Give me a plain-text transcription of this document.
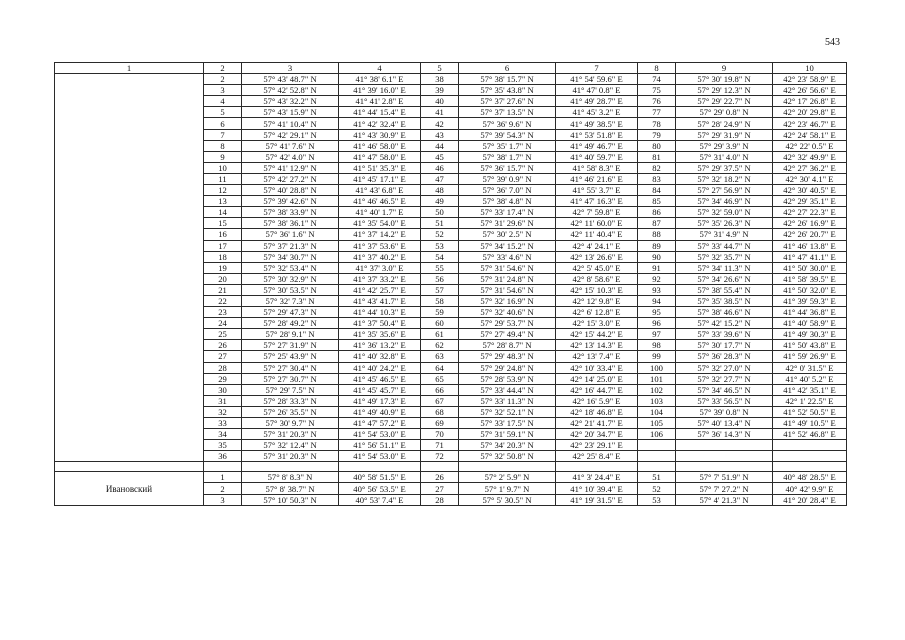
543
1	2	3	4	5	6	7	8	9	10
	2	57° 43' 48.7" N	41° 38' 6.1" E	38	57° 38' 15.7" N	41° 54' 59.6" E	74	57° 30' 19.8" N	42° 23' 58.9" E
	3	57° 42' 52.8" N	41° 39' 16.0" E	39	57° 35' 43.8" N	41° 47' 0.8" E	75	57° 29' 12.3" N	42° 26' 56.6" E
	4	57° 43' 32.2" N	41° 41' 2.8" E	40	57° 37' 27.6" N	41° 49' 28.7" E	76	57° 29' 22.7" N	42° 17' 26.8" E
	5	57° 43' 15.9" N	41° 44' 15.4" E	41	57° 37' 13.5" N	41° 45' 3.2" E	77	57° 29' 0.8" N	42° 20' 29.8" E
	6	57° 41' 10.4" N	41° 42' 32.4" E	42	57° 36' 9.6" N	41° 49' 38.5" E	78	57° 28' 24.9" N	42° 23' 46.7" E
	7	57° 42' 29.1" N	41° 43' 30.9" E	43	57° 39' 54.3" N	41° 53' 51.8" E	79	57° 29' 31.9" N	42° 24' 58.1" E
	8	57° 41' 7.6" N	41° 46' 58.0" E	44	57° 35' 1.7" N	41° 49' 46.7" E	80	57° 29' 3.9" N	42° 22' 0.5" E
	9	57° 42' 4.0" N	41° 47' 58.0" E	45	57° 38' 1.7" N	41° 40' 59.7" E	81	57° 31' 4.0" N	42° 32' 49.9" E
	10	57° 41' 12.9" N	41° 51' 35.3" E	46	57° 36' 15.7" N	41° 58' 8.3" E	82	57° 29' 37.5" N	42° 27' 36.2" E
	11	57° 42' 27.2" N	41° 45' 17.1" E	47	57° 39' 0.9" N	41° 46' 21.6" E	83	57° 32' 18.2" N	42° 30' 4.1" E
	12	57° 40' 28.8" N	41° 43' 6.8" E	48	57° 36' 7.0" N	41° 55' 3.7" E	84	57° 27' 56.9" N	42° 30' 40.5" E
	13	57° 39' 42.6" N	41° 46' 46.5" E	49	57° 38' 4.8" N	41° 47' 16.3" E	85	57° 34' 46.9" N	42° 29' 35.1" E
	14	57° 38' 33.9" N	41° 40' 1.7" E	50	57° 33' 17.4" N	42° 7' 59.8" E	86	57° 32' 59.0" N	42° 27' 22.3" E
	15	57° 38' 36.1" N	41° 35' 54.0" E	51	57° 31' 29.6" N	42° 11' 60.0" E	87	57° 35' 26.3" N	42° 26' 16.9" E
	16	57° 36' 1.6" N	41° 37' 14.2" E	52	57° 30' 2.5" N	42° 11' 40.4" E	88	57° 31' 4.9" N	42° 26' 20.7" E
	17	57° 37' 21.3" N	41° 37' 53.6" E	53	57° 34' 15.2" N	42° 4' 24.1" E	89	57° 33' 44.7" N	41° 46' 13.8" E
	18	57° 34' 30.7" N	41° 37' 40.2" E	54	57° 33' 4.6" N	42° 13' 26.6" E	90	57° 32' 35.7" N	41° 47' 41.1" E
	19	57° 32' 53.4" N	41° 37' 3.0" E	55	57° 31' 54.6" N	42° 5' 45.0" E	91	57° 34' 11.3" N	41° 50' 30.0" E
	20	57° 30' 32.9" N	41° 37' 33.2" E	56	57° 31' 24.8" N	42° 8' 58.6" E	92	57° 34' 26.6" N	41° 58' 39.5" E
	21	57° 30' 53.5" N	41° 42' 25.7" E	57	57° 31' 54.6" N	42° 15' 10.3" E	93	57° 38' 55.4" N	41° 50' 32.0" E
	22	57° 32' 7.3" N	41° 43' 41.7" E	58	57° 32' 16.9" N	42° 12' 9.8" E	94	57° 35' 38.5" N	41° 39' 59.3" E
	23	57° 29' 47.3" N	41° 44' 10.3" E	59	57° 32' 40.6" N	42° 6' 12.8" E	95	57° 38' 46.6" N	41° 44' 36.8" E
	24	57° 28' 49.2" N	41° 37' 50.4" E	60	57° 29' 53.7" N	42° 15' 3.0" E	96	57° 42' 15.2" N	41° 40' 58.9" E
	25	57° 28' 9.1" N	41° 35' 35.6" E	61	57° 27' 49.4" N	42° 15' 44.2" E	97	57° 33' 39.6" N	41° 49' 30.3" E
	26	57° 27' 31.9" N	41° 36' 13.2" E	62	57° 28' 8.7" N	42° 13' 14.3" E	98	57° 30' 17.7" N	41° 50' 43.8" E
	27	57° 25' 43.9" N	41° 40' 32.8" E	63	57° 29' 48.3" N	42° 13' 7.4" E	99	57° 36' 28.3" N	41° 59' 26.9" E
	28	57° 27' 30.4" N	41° 40' 24.2" E	64	57° 29' 24.8" N	42° 10' 33.4" E	100	57° 32' 27.0" N	42° 0' 31.5" E
	29	57° 27' 30.7" N	41° 45' 46.5" E	65	57° 28' 53.9" N	42° 14' 25.0" E	101	57° 32' 27.7" N	41° 40' 5.2" E
	30	57° 29' 7.5" N	41° 45' 45.7" E	66	57° 33' 44.4" N	42° 16' 44.7" E	102	57° 34' 46.5" N	41° 42' 35.1" E
	31	57° 28' 33.3" N	41° 49' 17.3" E	67	57° 33' 11.3" N	42° 16' 5.9" E	103	57° 33' 56.5" N	42° 1' 22.5" E
	32	57° 26' 35.5" N	41° 49' 40.9" E	68	57° 32' 52.1" N	42° 18' 46.8" E	104	57° 39' 0.8" N	41° 52' 50.5" E
	33	57° 30' 9.7" N	41° 47' 57.2" E	69	57° 33' 17.5" N	42° 21' 41.7" E	105	57° 40' 13.4" N	41° 49' 10.5" E
	34	57° 31' 20.3" N	41° 54' 53.0" E	70	57° 31' 59.1" N	42° 20' 34.7" E	106	57° 36' 14.3" N	41° 52' 46.8" E
	35	57° 32' 12.4" N	41° 56' 51.1" E	71	57° 34' 20.3" N	42° 23' 29.1" E			
	36	57° 31' 20.3" N	41° 54' 53.0" E	72	57° 32' 50.8" N	42° 25' 8.4" E			

Ивановский	1	57° 8' 8.3" N	40° 58' 51.5" E	26	57° 2' 5.9" N	41° 3' 24.4" E	51	57° 7' 51.9" N	40° 48' 28.5" E
	2	57° 8' 38.7" N	40° 56' 53.5" E	27	57° 1' 9.7" N	41° 10' 39.4" E	52	57° 7' 27.2" N	40° 42' 9.9" E
	3	57° 10' 50.3" N	40° 53' 7.4" E	28	57° 5' 30.5" N	41° 19' 31.5" E	53	57° 4' 21.3" N	41° 20' 28.4" E
